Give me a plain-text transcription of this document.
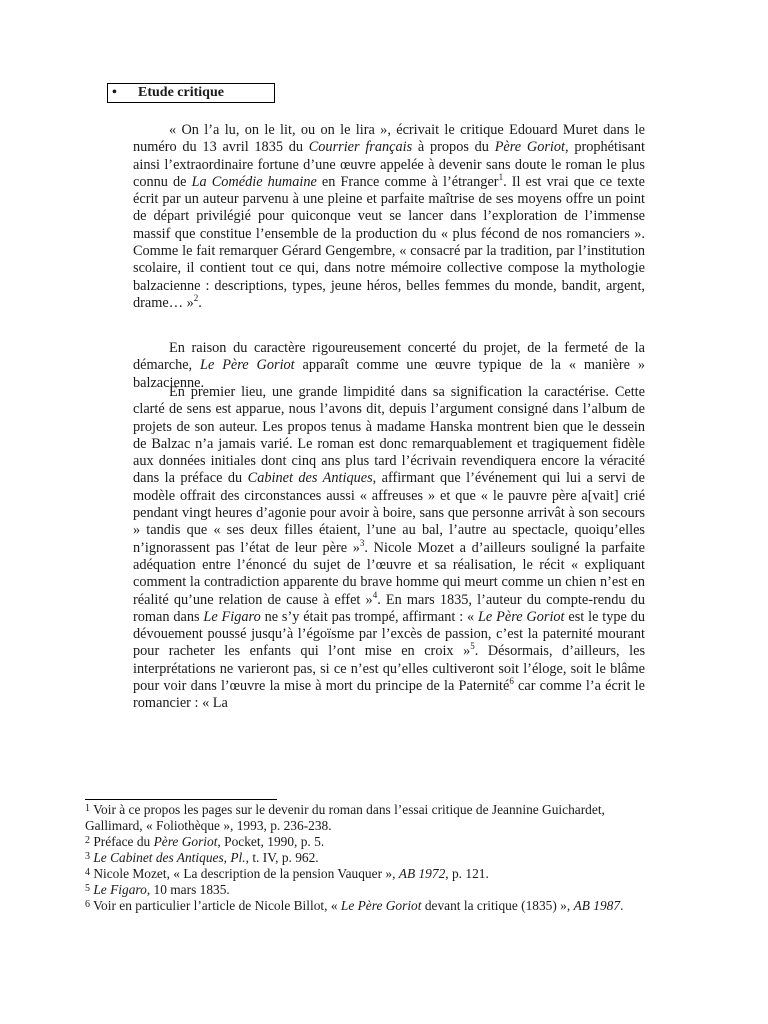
• Etude critique

« On l’a lu, on le lit, ou on le lira », écrivait le critique Edouard Muret dans le numéro du 13 avril 1835 du Courrier français à propos du Père Goriot, prophétisant ainsi l’extraordinaire fortune d’une œuvre appelée à devenir sans doute le roman le plus connu de La Comédie humaine en France comme à l’étranger$^1$. Il est vrai que ce texte écrit par un auteur parvenu à une pleine et parfaite maîtrise de ses moyens offre un point de départ privilégié pour quiconque veut se lancer dans l’exploration de l’immense massif que constitue l’ensemble de la production du « plus fécond de nos romanciers ». Comme le fait remarquer Gérard Gengembre, « consacré par la tradition, par l’institution scolaire, il contient tout ce qui, dans notre mémoire collective compose la mythologie balzacienne : descriptions, types, jeune héros, belles femmes du monde, bandit, argent, drame… »$^2$.

En raison du caractère rigoureusement concerté du projet, de la fermeté de la démarche, Le Père Goriot apparaît comme une œuvre typique de la « manière » balzacienne.

En premier lieu, une grande limpidité dans sa signification la caractérise. Cette clarté de sens est apparue, nous l’avons dit, depuis l’argument consigné dans l’album de projets de son auteur. Les propos tenus à madame Hanska montrent bien que le dessein de Balzac n’a jamais varié. Le roman est donc remarquablement et tragiquement fidèle aux données initiales dont cinq ans plus tard l’écrivain revendiquera encore la véracité dans la préface du Cabinet des Antiques, affirmant que l’événement qui lui a servi de modèle offrait des circonstances aussi « affreuses » et que « le pauvre père a[vait] crié pendant vingt heures d’agonie pour avoir à boire, sans que personne arrivât à son secours » tandis que « ses deux filles étaient, l’une au bal, l’autre au spectacle, quoiqu’elles n’ignorassent pas l’état de leur père »$^3$. Nicole Mozet a d’ailleurs souligné la parfaite adéquation entre l’énoncé du sujet de l’œuvre et sa réalisation, le récit « expliquant comment la contradiction apparente du brave homme qui meurt comme un chien n’est en réalité qu’une relation de cause à effet »$^4$. En mars 1835, l’auteur du compte-rendu du roman dans Le Figaro ne s’y était pas trompé, affirmant : « Le Père Goriot est le type du dévouement poussé jusqu’à l’égoïsme par l’excès de passion, c’est la paternité mourant pour racheter les enfants qui l’ont mise en croix »$^5$. Désormais, d’ailleurs, les interprétations ne varieront pas, si ce n’est qu’elles cultiveront soit l’éloge, soit le blâme pour voir dans l’œuvre la mise à mort du principe de la Paternité$^6$ car comme l’a écrit le romancier : « La

$^1$ Voir à ce propos les pages sur le devenir du roman dans l’essai critique de Jeannine Guichardet, Gallimard, « Foliothèque », 1993, p. 236-238.

$^2$ Préface du Père Goriot, Pocket, 1990, p. 5.

$^3$ Le Cabinet des Antiques, Pl., t. IV, p. 962.

$^4$ Nicole Mozet, « La description de la pension Vauquer », AB 1972, p. 121.

$^5$ Le Figaro, 10 mars 1835.

$^6$ Voir en particulier l’article de Nicole Billot, « Le Père Goriot devant la critique (1835) », AB 1987.
